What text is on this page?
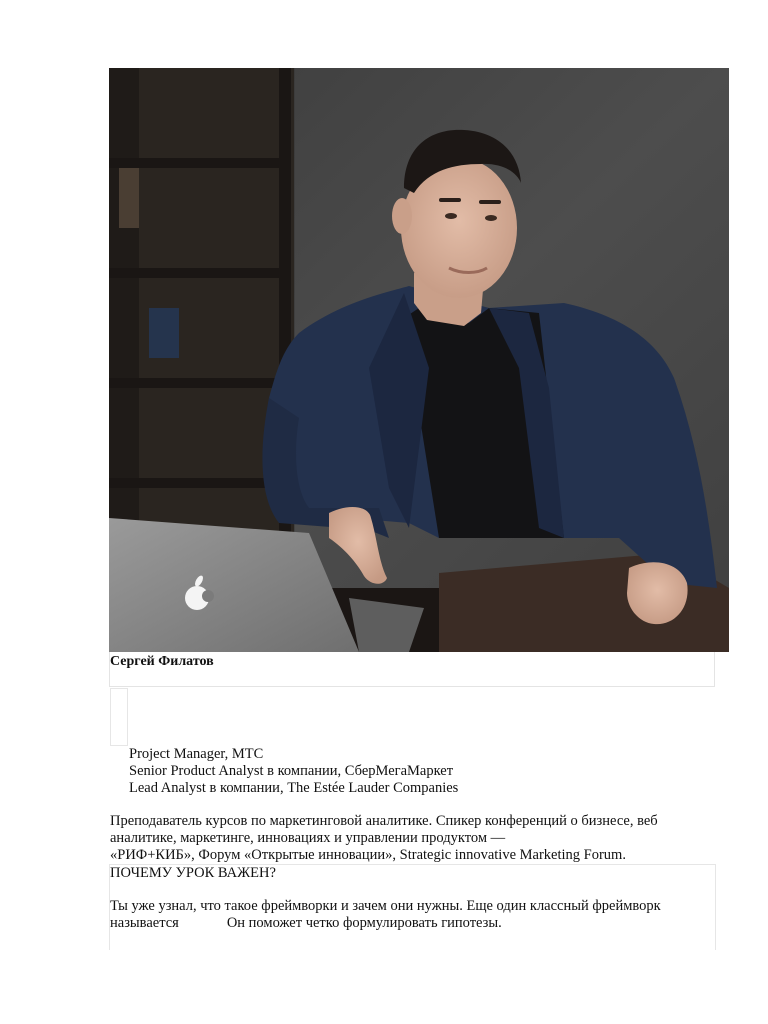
Сергей Филатов
Project Manager, МТС
Senior Product Analyst в компании, СберМегаМаркет
Lead Analyst в компании, The Estée Lauder Companies
Преподаватель курсов по маркетинговой аналитике. Спикер конференций о бизнесе, веб
аналитике, маркетинге, инновациях и управлении продуктом —
«РИФ+КИБ», Форум «Открытые инновации», Strategic innovative Marketing Forum.
ПОЧЕМУ УРОК ВАЖЕН?
Ты уже узнал, что такое фреймворки и зачем они нужны. Еще один классный фреймворк
называется	Он поможет четко формулировать гипотезы.
